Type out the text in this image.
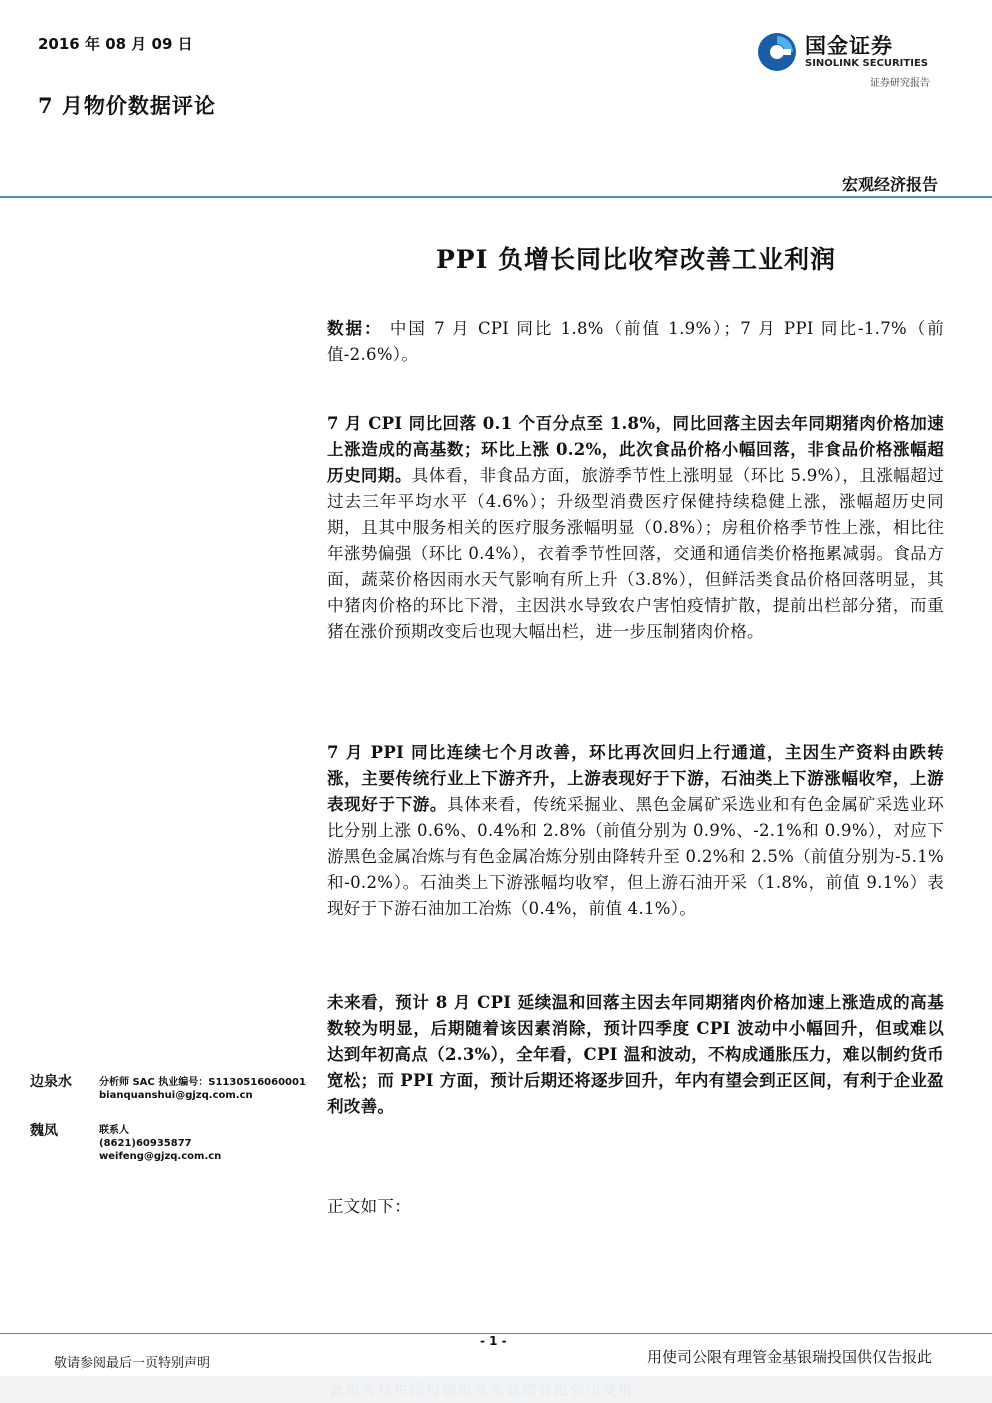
2016 年 08 月 09 日
7 月物价数据评论
国金证券
SINOLINK SECURITIES
证券研究报告
宏观经济报告
PPI 负增长同比收窄改善工业利润
数据： 中国 7 月 CPI 同比 1.8%（前值 1.9%）；7 月 PPI 同比-1.7%（前值-2.6%）。
7 月 CPI 同比回落 0.1 个百分点至 1.8%，同比回落主因去年同期猪肉价格加速上涨造成的高基数；环比上涨 0.2%，此次食品价格小幅回落，非食品价格涨幅超历史同期。具体看，非食品方面，旅游季节性上涨明显（环比 5.9%），且涨幅超过过去三年平均水平（4.6%）；升级型消费医疗保健持续稳健上涨，涨幅超历史同期，且其中服务相关的医疗服务涨幅明显（0.8%）；房租价格季节性上涨，相比往年涨势偏强（环比 0.4%），衣着季节性回落，交通和通信类价格拖累减弱。食品方面，蔬菜价格因雨水天气影响有所上升（3.8%），但鲜活类食品价格回落明显，其中猪肉价格的环比下滑，主因洪水导致农户害怕疫情扩散，提前出栏部分猪，而重猪在涨价预期改变后也现大幅出栏，进一步压制猪肉价格。
7 月 PPI 同比连续七个月改善，环比再次回归上行通道，主因生产资料由跌转涨，主要传统行业上下游齐升，上游表现好于下游，石油类上下游涨幅收窄，上游表现好于下游。具体来看，传统采掘业、黑色金属矿采选业和有色金属矿采选业环比分别上涨 0.6%、0.4%和 2.8%（前值分别为 0.9%、-2.1%和 0.9%），对应下游黑色金属冶炼与有色金属冶炼分别由降转升至 0.2%和 2.5%（前值分别为-5.1%和-0.2%）。石油类上下游涨幅均收窄，但上游石油开采（1.8%，前值 9.1%）表现好于下游石油加工冶炼（0.4%，前值 4.1%）。
未来看，预计 8 月 CPI 延续温和回落主因去年同期猪肉价格加速上涨造成的高基数较为明显，后期随着该因素消除，预计四季度 CPI 波动中小幅回升，但或难以达到年初高点（2.3%），全年看，CPI 温和波动，不构成通胀压力，难以制约货币宽松；而 PPI 方面，预计后期还将逐步回升，年内有望会到正区间，有利于企业盈利改善。
正文如下：
边泉水	分析师 SAC 执业编号：S1130516060001
bianquanshui@gjzq.com.cn
魏凤	联系人
(8621)60935877
weifeng@gjzq.com.cn
- 1 -
敬请参阅最后一页特别声明	用使司公限有理管金基银瑞投国供仅告报此
此报告仅供国投瑞银基金管理有限公司使用
